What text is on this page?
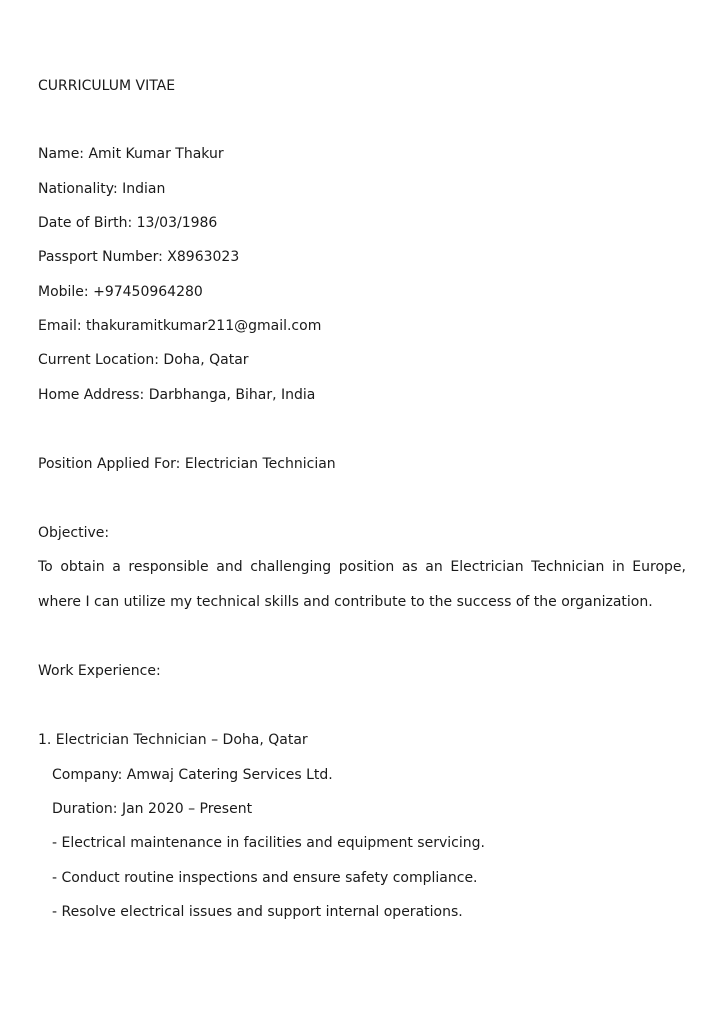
CURRICULUM VITAE
Name: Amit Kumar Thakur
Nationality: Indian
Date of Birth: 13/03/1986
Passport Number: X8963023
Mobile: +97450964280
Email: thakuramitkumar211@gmail.com
Current Location: Doha, Qatar
Home Address: Darbhanga, Bihar, India
Position Applied For: Electrician Technician
Objective:
To obtain a responsible and challenging position as an Electrician Technician in Europe,
where I can utilize my technical skills and contribute to the success of the organization.
Work Experience:
1. Electrician Technician – Doha, Qatar
Company: Amwaj Catering Services Ltd.
Duration: Jan 2020 – Present
- Electrical maintenance in facilities and equipment servicing.
- Conduct routine inspections and ensure safety compliance.
- Resolve electrical issues and support internal operations.
